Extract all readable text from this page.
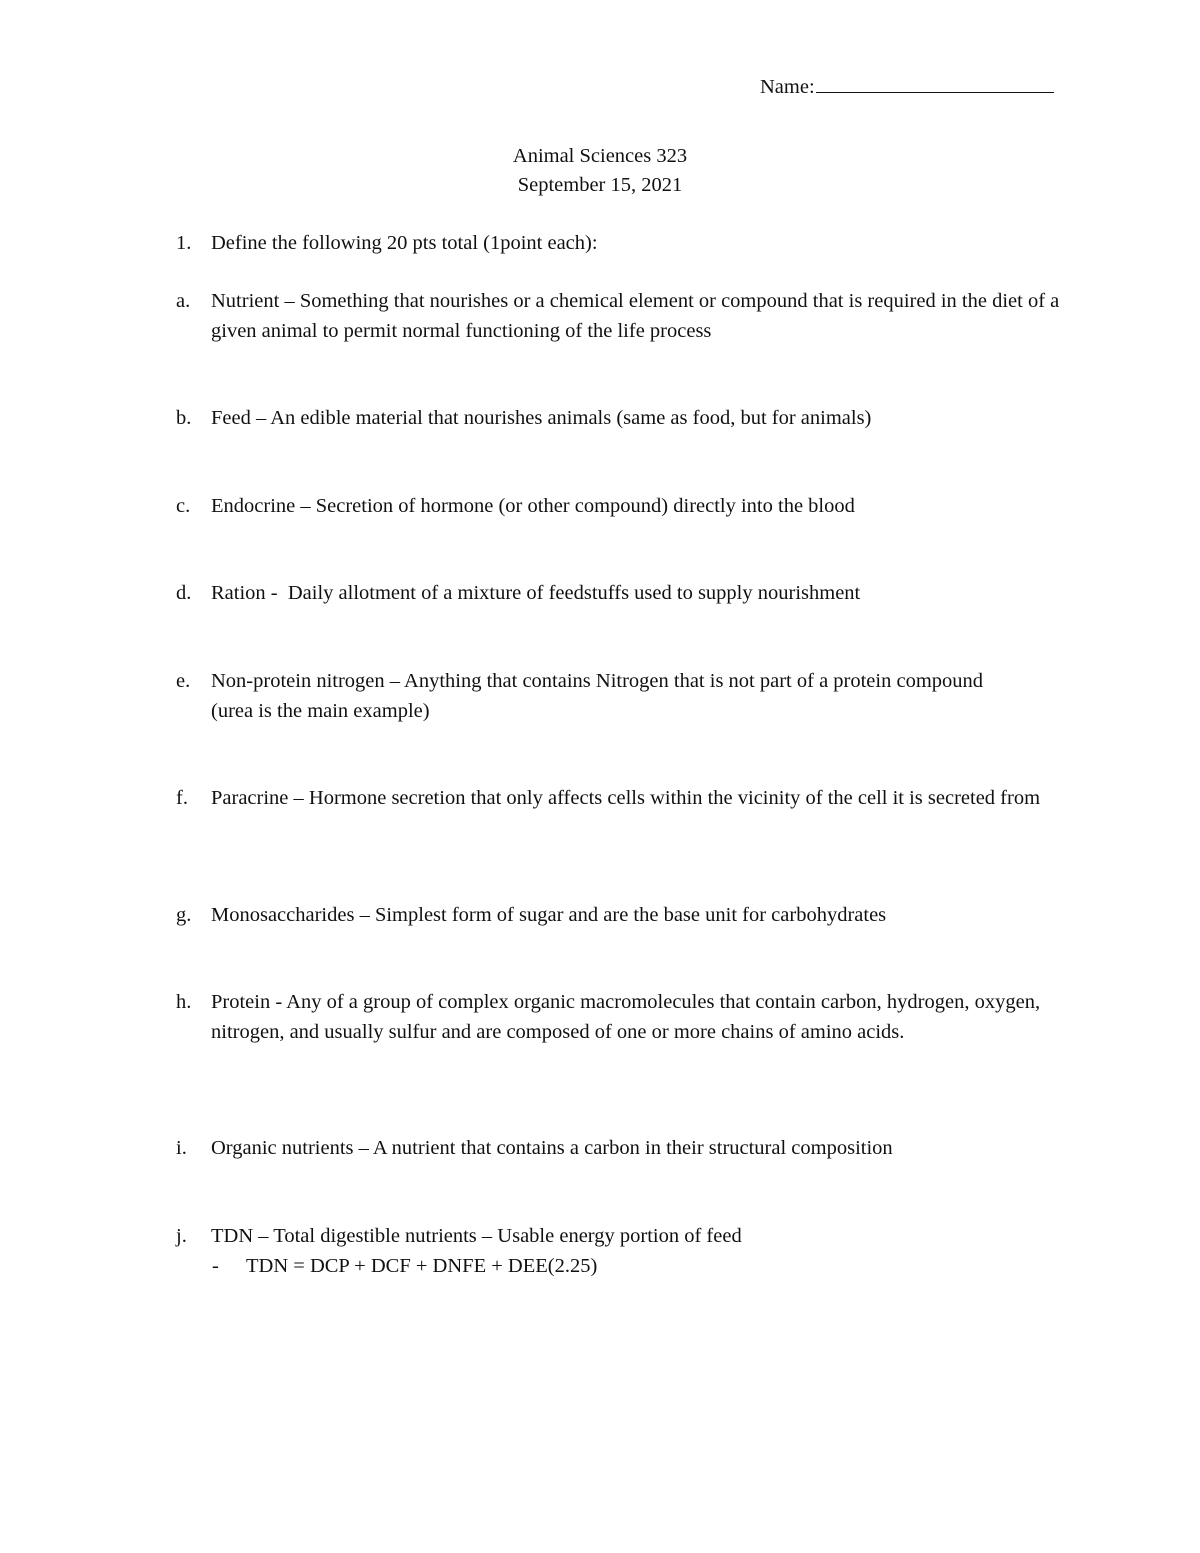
Name:
Animal Sciences 323
September 15, 2021
1. Define the following 20 pts total (1point each):
a.	Nutrient – Something that nourishes or a chemical element or compound that is required in the diet of a given animal to permit normal functioning of the life process
b. Feed – An edible material that nourishes animals (same as food, but for animals)
c.	Endocrine – Secretion of hormone (or other compound) directly into the blood
d. Ration -  Daily allotment of a mixture of feedstuffs used to supply nourishment
e.	Non-protein nitrogen – Anything that contains Nitrogen that is not part of a protein compound (urea is the main example)
f.	Paracrine – Hormone secretion that only affects cells within the vicinity of the cell it is secreted from
g. Monosaccharides – Simplest form of sugar and are the base unit for carbohydrates
h. Protein - Any of a group of complex organic macromolecules that contain carbon, hydrogen, oxygen, nitrogen, and usually sulfur and are composed of one or more chains of amino acids.
i.	Organic nutrients – A nutrient that contains a carbon in their structural composition
j.	TDN – Total digestible nutrients – Usable energy portion of feed
- TDN = DCP + DCF + DNFE + DEE(2.25)
